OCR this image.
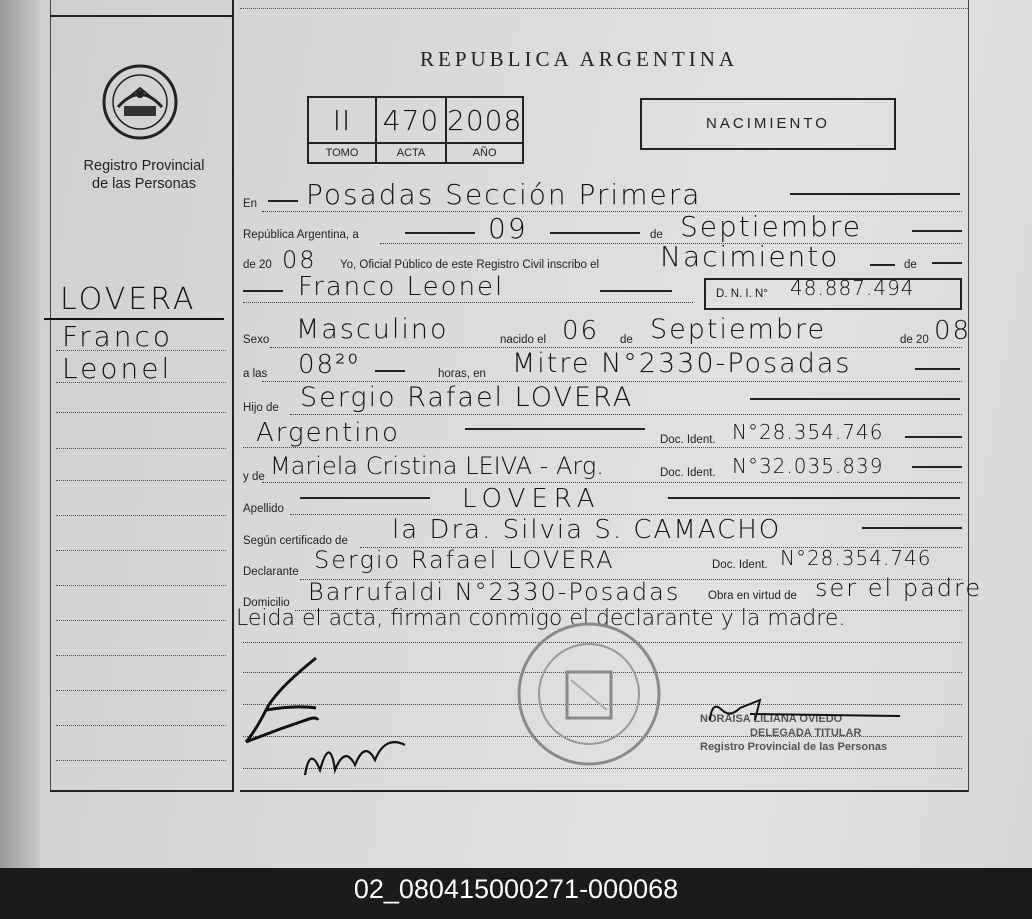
Registro Provincial
de las Personas
LOVERA
Franco
Leonel
REPUBLICA ARGENTINA
II	470	2008
TOMO	ACTA	AÑO
NACIMIENTO
En Posadas Sección Primera
República Argentina, a	09	de Septiembre
de 20 08 Yo, Oficial Público de este Registro Civil inscribo el Nacimiento	de
Franco Leonel	D. N. I. N° 48.887.494
Sexo Masculino	nacido el 06 de Septiembre	de 20 08
a las 08²⁰	horas, en Mitre N°2330-Posadas
Hijo de Sergio Rafael LOVERA
Argentino	Doc. Ident. N°28.354.746
y de Mariela Cristina LEIVA - Arg.	Doc. Ident. N°32.035.839
Apellido	LOVERA
Según certificado de la Dra. Silvia S. CAMACHO
Declarante Sergio Rafael LOVERA	Doc. Ident. N°28.354.746
Domicilio Barrufaldi N°2330-Posadas Obra en virtud de ser el padre
Leida el acta, firman conmigo el declarante y la madre.
NORAISA LILIANA OVIEDO
DELEGADA TITULAR
Registro Provincial de las Personas
02_080415000271-000068
